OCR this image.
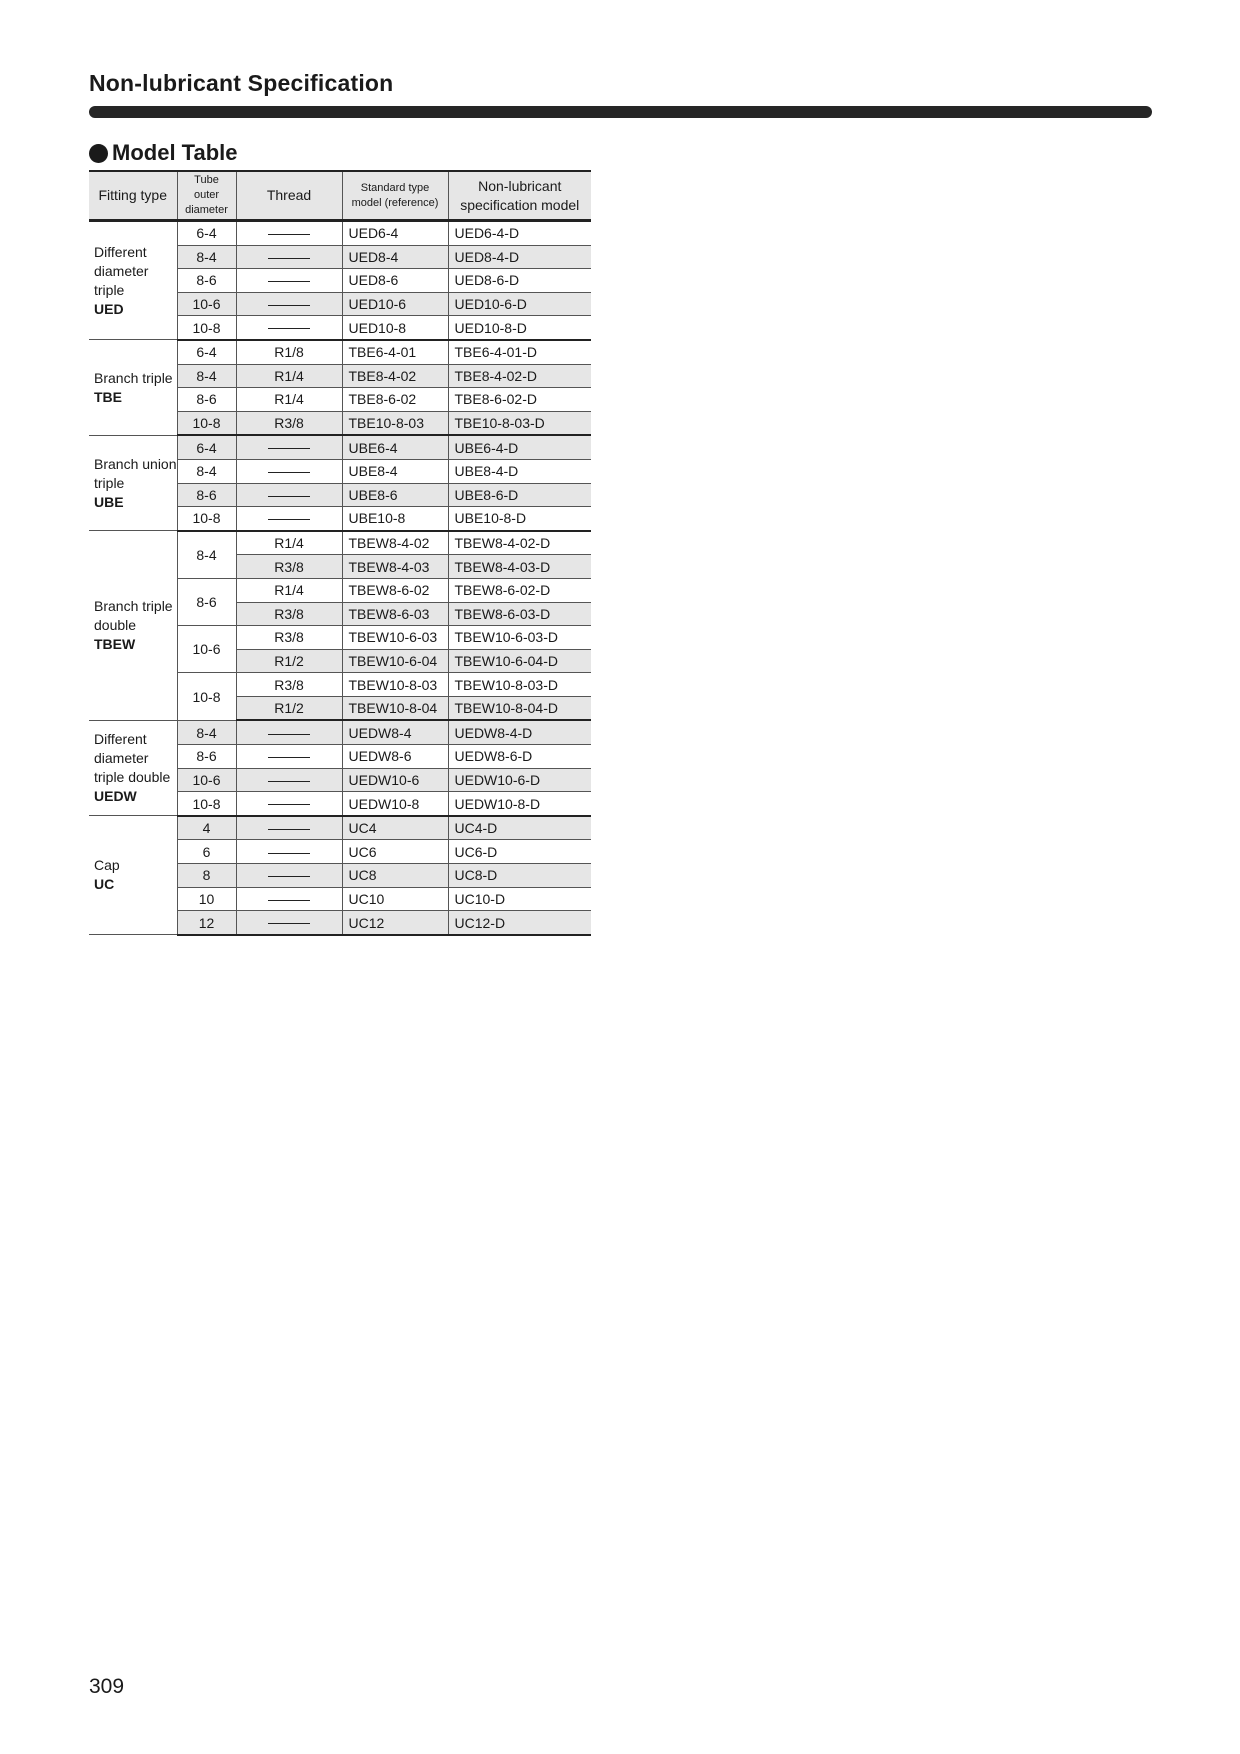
Non-lubricant Specification
Model Table
Fitting type	Tube outer diameter	Thread	Standard type model (reference)	Non-lubricant specification model

Different diameter triple
UED	6-4		UED6-4	UED6-4-D
	8-4		UED8-4	UED8-4-D
	8-6		UED8-6	UED8-6-D
	10-6		UED10-6	UED10-6-D
	10-8		UED10-8	UED10-8-D

Branch triple
TBE	6-4	R1/8	TBE6-4-01	TBE6-4-01-D
	8-4	R1/4	TBE8-4-02	TBE8-4-02-D
	8-6	R1/4	TBE8-6-02	TBE8-6-02-D
	10-8	R3/8	TBE10-8-03	TBE10-8-03-D

Branch union triple
UBE	6-4		UBE6-4	UBE6-4-D
	8-4		UBE8-4	UBE8-4-D
	8-6		UBE8-6	UBE8-6-D
	10-8		UBE10-8	UBE10-8-D

Branch triple double
TBEW	8-4	R1/4	TBEW8-4-02	TBEW8-4-02-D
		R3/8	TBEW8-4-03	TBEW8-4-03-D
	8-6	R1/4	TBEW8-6-02	TBEW8-6-02-D
		R3/8	TBEW8-6-03	TBEW8-6-03-D
	10-6	R3/8	TBEW10-6-03	TBEW10-6-03-D
		R1/2	TBEW10-6-04	TBEW10-6-04-D
	10-8	R3/8	TBEW10-8-03	TBEW10-8-03-D
		R1/2	TBEW10-8-04	TBEW10-8-04-D

Different diameter triple double
UEDW	8-4		UEDW8-4	UEDW8-4-D
	8-6		UEDW8-6	UEDW8-6-D
	10-6		UEDW10-6	UEDW10-6-D
	10-8		UEDW10-8	UEDW10-8-D

Cap
UC	4		UC4	UC4-D
	6		UC6	UC6-D
	8		UC8	UC8-D
	10		UC10	UC10-D
	12		UC12	UC12-D
309
